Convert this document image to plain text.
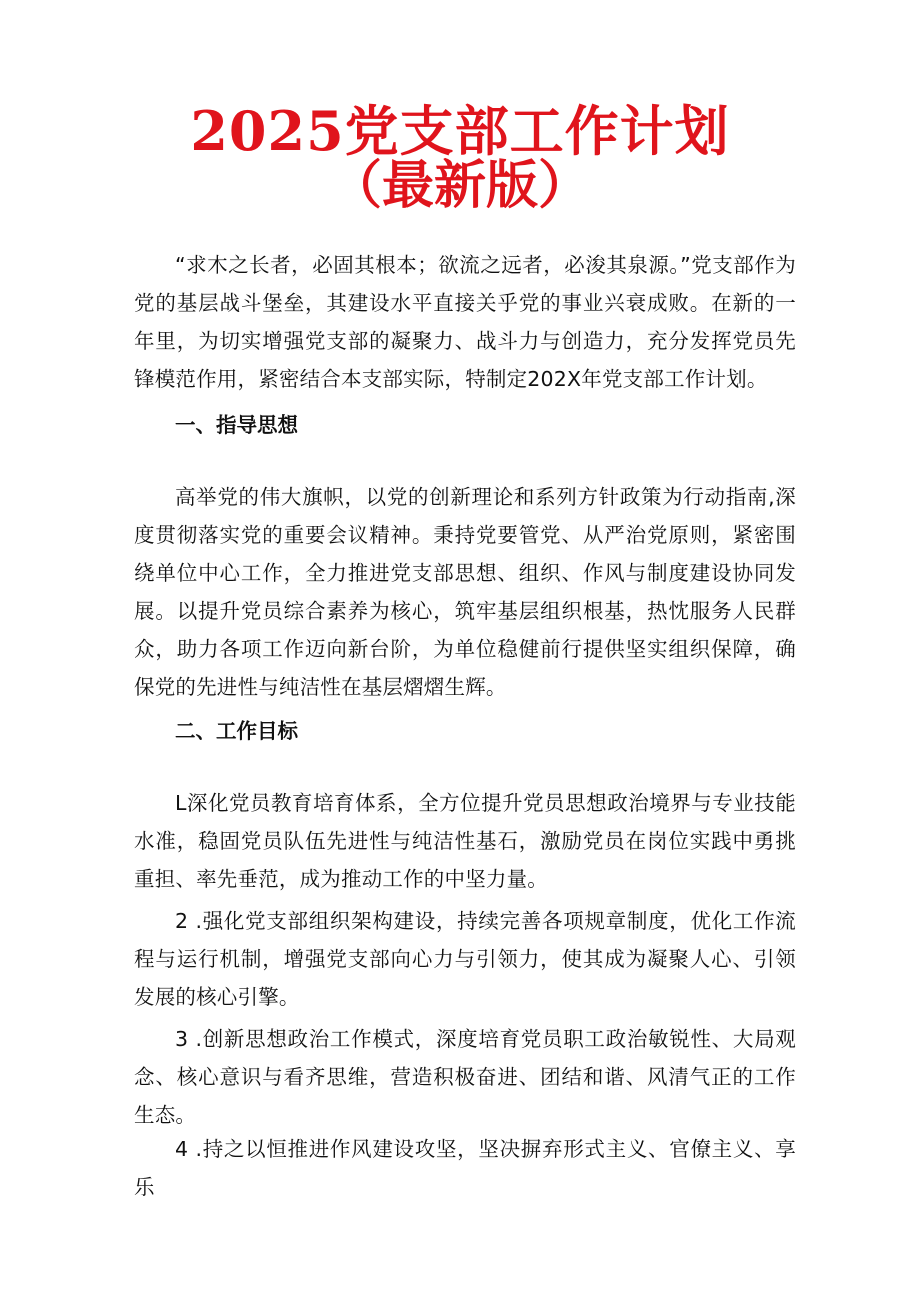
2025党支部工作计划
（最新版）

“求木之长者，必固其根本；欲流之远者，必浚其泉源。”党支部作为党的基层战斗堡垒，其建设水平直接关乎党的事业兴衰成败。在新的一年里，为切实增强党支部的凝聚力、战斗力与创造力，充分发挥党员先锋模范作用，紧密结合本支部实际，特制定202X年党支部工作计划。

一、指导思想

高举党的伟大旗帜，以党的创新理论和系列方针政策为行动指南,深度贯彻落实党的重要会议精神。秉持党要管党、从严治党原则，紧密围绕单位中心工作，全力推进党支部思想、组织、作风与制度建设协同发展。以提升党员综合素养为核心，筑牢基层组织根基，热忱服务人民群众，助力各项工作迈向新台阶，为单位稳健前行提供坚实组织保障，确保党的先进性与纯洁性在基层熠熠生辉。

二、工作目标

L深化党员教育培育体系，全方位提升党员思想政治境界与专业技能水准，稳固党员队伍先进性与纯洁性基石，激励党员在岗位实践中勇挑重担、率先垂范，成为推动工作的中坚力量。

2 .强化党支部组织架构建设，持续完善各项规章制度，优化工作流程与运行机制，增强党支部向心力与引领力，使其成为凝聚人心、引领发展的核心引擎。

3 .创新思想政治工作模式，深度培育党员职工政治敏锐性、大局观念、核心意识与看齐思维，营造积极奋进、团结和谐、风清气正的工作生态。

4 .持之以恒推进作风建设攻坚，坚决摒弃形式主义、官僚主义、享乐
